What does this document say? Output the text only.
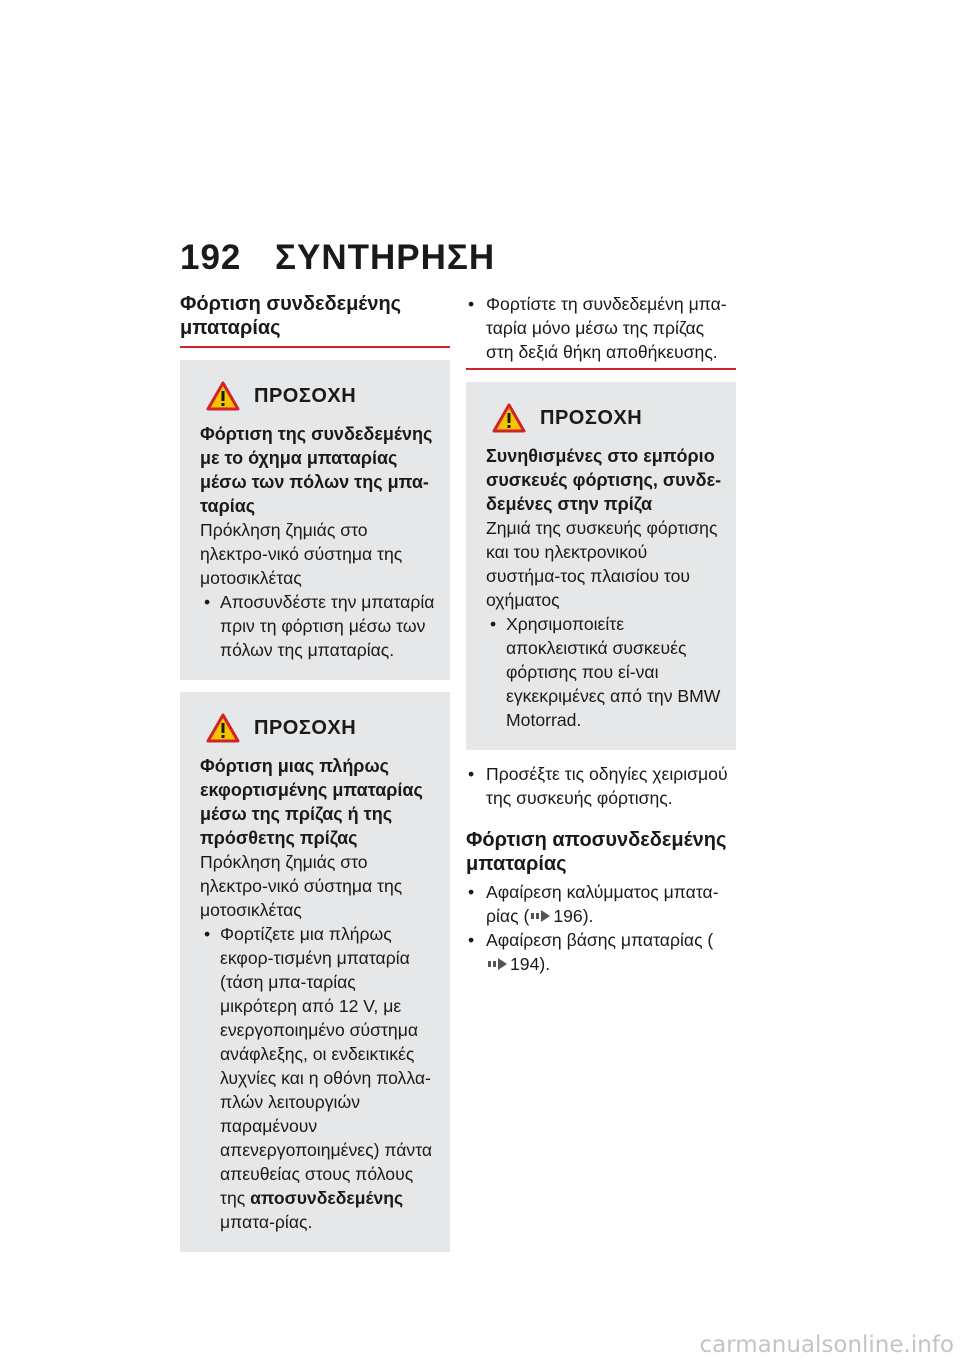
192 ΣΥΝΤΗΡΗΣΗ

Φόρτιση συνδεδεμένης μπαταρίας

ΠΡΟΣΟΧΗ
Φόρτιση της συνδεδεμένης με το όχημα μπαταρίας μέσω των πόλων της μπα-ταρίας
Πρόκληση ζημιάς στο ηλεκτρο-νικό σύστημα της μοτοσικλέτας
• Αποσυνδέστε την μπαταρία πριν τη φόρτιση μέσω των πόλων της μπαταρίας.
ΠΡΟΣΟΧΗ
Φόρτιση μιας πλήρως εκφορτισμένης μπαταρίας μέσω της πρίζας ή της πρόσθετης πρίζας
Πρόκληση ζημιάς στο ηλεκτρο-νικό σύστημα της μοτοσικλέτας
• Φορτίζετε μια πλήρως εκφορ-τισμένη μπαταρία (τάση μπα-ταρίας μικρότερη από 12 V, με ενεργοποιημένο σύστημα ανάφλεξης, οι ενδεικτικές λυχνίες και η οθόνη πολλα-πλών λειτουργιών παραμένουν απενεργοποιημένες) πάντα απευθείας στους πόλους της αποσυνδεδεμένης μπατα-ρίας.
• Φορτίστε τη συνδεδεμένη μπα-ταρία μόνο μέσω της πρίζας στη δεξιά θήκη αποθήκευσης.
ΠΡΟΣΟΧΗ
Συνηθισμένες στο εμπόριο συσκευές φόρτισης, συνδε-δεμένες στην πρίζα
Ζημιά της συσκευής φόρτισης και του ηλεκτρονικού συστήμα-τος πλαισίου του οχήματος
• Χρησιμοποιείτε αποκλειστικά συσκευές φόρτισης που εί-ναι εγκεκριμένες από την BMW Motorrad.
• Προσέξτε τις οδηγίες χειρισμού της συσκευής φόρτισης.

Φόρτιση αποσυνδεδεμένης μπαταρίας

• Αφαίρεση καλύμματος μπατα-ρίας ( 196).
• Αφαίρεση βάσης μπαταρίας (194).
carmanualsonline.info
